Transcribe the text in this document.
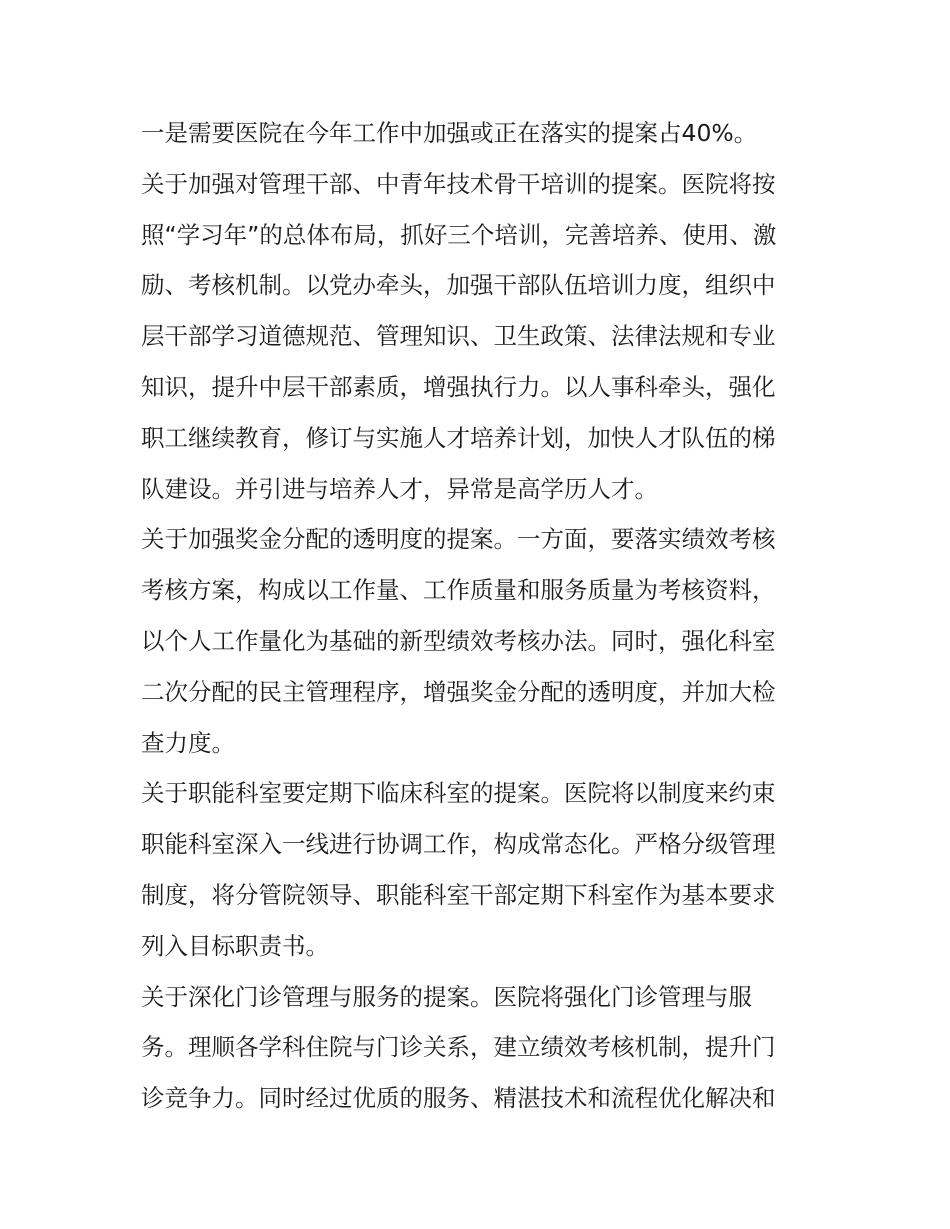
一是需要医院在今年工作中加强或正在落实的提案占40%。
关于加强对管理干部、中青年技术骨干培训的提案。医院将按
照“学习年”的总体布局，抓好三个培训，完善培养、使用、激
励、考核机制。以党办牵头，加强干部队伍培训力度，组织中
层干部学习道德规范、管理知识、卫生政策、法律法规和专业
知识，提升中层干部素质，增强执行力。以人事科牵头，强化
职工继续教育，修订与实施人才培养计划，加快人才队伍的梯
队建设。并引进与培养人才，异常是高学历人才。
关于加强奖金分配的透明度的提案。一方面，要落实绩效考核
考核方案，构成以工作量、工作质量和服务质量为考核资料，
以个人工作量化为基础的新型绩效考核办法。同时，强化科室
二次分配的民主管理程序，增强奖金分配的透明度，并加大检
查力度。
关于职能科室要定期下临床科室的提案。医院将以制度来约束
职能科室深入一线进行协调工作，构成常态化。严格分级管理
制度，将分管院领导、职能科室干部定期下科室作为基本要求
列入目标职责书。
关于深化门诊管理与服务的提案。医院将强化门诊管理与服
务。理顺各学科住院与门诊关系，建立绩效考核机制，提升门
诊竞争力。同时经过优质的服务、精湛技术和流程优化解决和
